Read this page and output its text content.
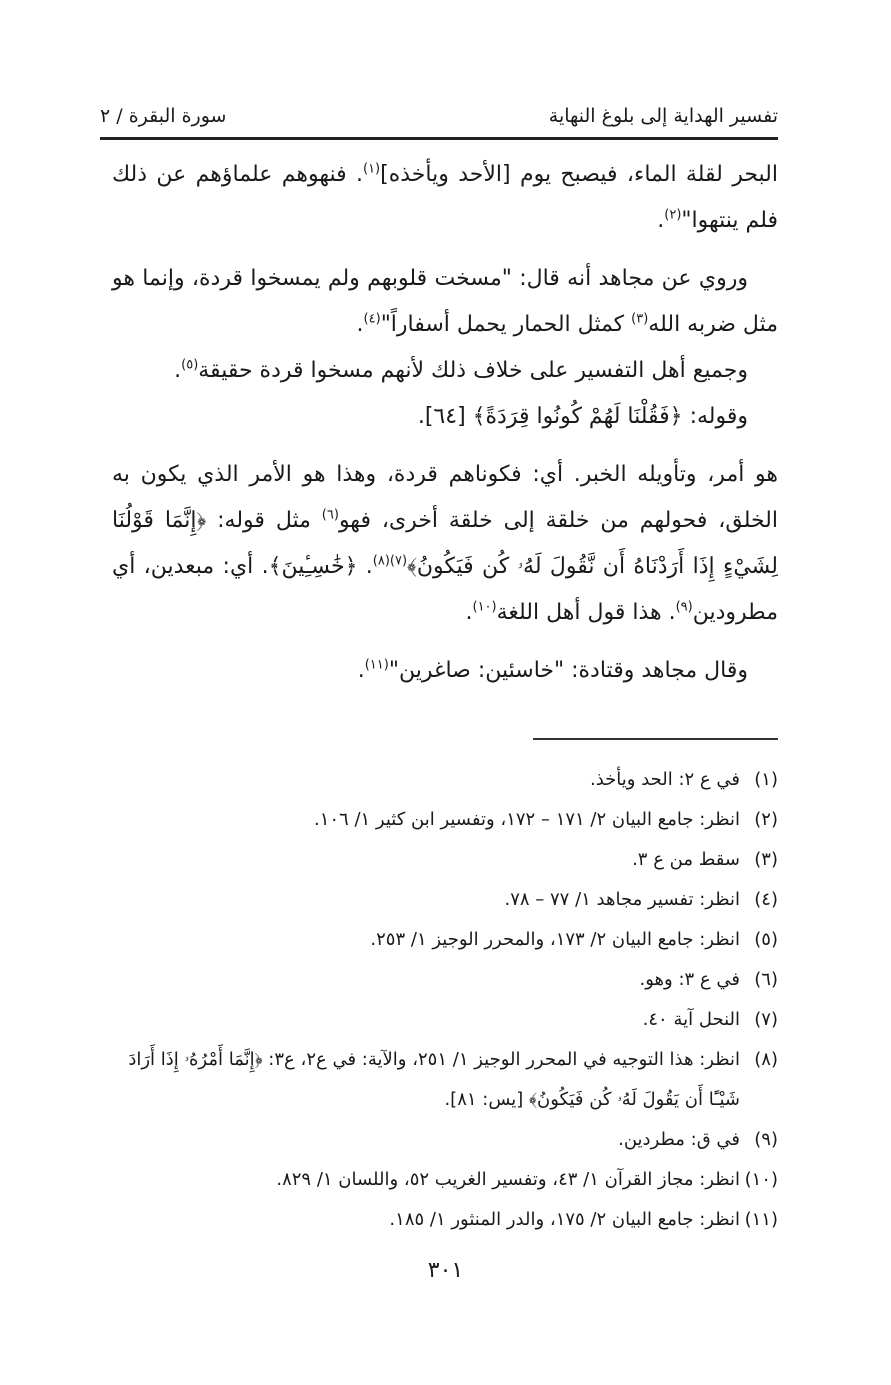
تفسير الهداية إلى بلوغ النهاية
سورة البقرة / ٢

البحر لقلة الماء، فيصبح يوم [الأحد ويأخذه]$^{(١)}$. فنهوهم علماؤهم عن ذلك فلم ينتهوا"$^{(٢)}$.

وروي عن مجاهد أنه قال: "مسخت قلوبهم ولم يمسخوا قردة، وإنما هو مثل ضربه الله$^{(٣)}$ كمثل الحمار يحمل أسفاراً"$^{(٤)}$.

وجميع أهل التفسير على خلاف ذلك لأنهم مسخوا قردة حقيقة$^{(٥)}$.

وقوله: ﴿فَقُلْنَا لَهُمْ كُونُوا قِرَدَةً﴾ [٦٤].

هو أمر، وتأويله الخبر. أي: فكوناهم قردة، وهذا هو الأمر الذي يكون به الخلق، فحولهم من خلقة إلى خلقة أخرى، فهو$^{(٦)}$ مثل قوله: ﴿إِنَّمَا قَوْلُنَا لِشَيْءٍ إِذَا أَرَدْنَاهُ أَن نَّقُولَ لَهُۥ كُن فَيَكُونُ﴾$^{(٧)(٨)}$. ﴿خَٰسِـِٔينَ﴾. أي: مبعدين، أي مطرودين$^{(٩)}$. هذا قول أهل اللغة$^{(١٠)}$.

وقال مجاهد وقتادة: "خاسئين: صاغرين"$^{(١١)}$.

(١)
في ع ٢: الحد ويأخذ.
(٢)
انظر: جامع البيان ٢/ ١٧١ – ١٧٢، وتفسير ابن كثير ١/ ١٠٦.
(٣)
سقط من ع ٣.
(٤)
انظر: تفسير مجاهد ١/ ٧٧ – ٧٨.
(٥)
انظر: جامع البيان ٢/ ١٧٣، والمحرر الوجيز ١/ ٢٥٣.
(٦)
في ع ٣: وهو.
(٧)
النحل آية ٤٠.
(٨)
انظر: هذا التوجيه في المحرر الوجيز ١/ ٢٥١، والآية: في ع٢، ع٣: ﴿إِنَّمَا أَمْرُهُۥ إِذَا أَرَادَ شَيْـًٔا أَن يَقُولَ لَهُۥ كُن فَيَكُونُ﴾ [يس: ٨١].
(٩)
في ق: مطردين.
(١٠)
انظر: مجاز القرآن ١/ ٤٣، وتفسير الغريب ٥٢، واللسان ١/ ٨٢٩.
(١١)
انظر: جامع البيان ٢/ ١٧٥، والدر المنثور ١/ ١٨٥.
٣٠١
